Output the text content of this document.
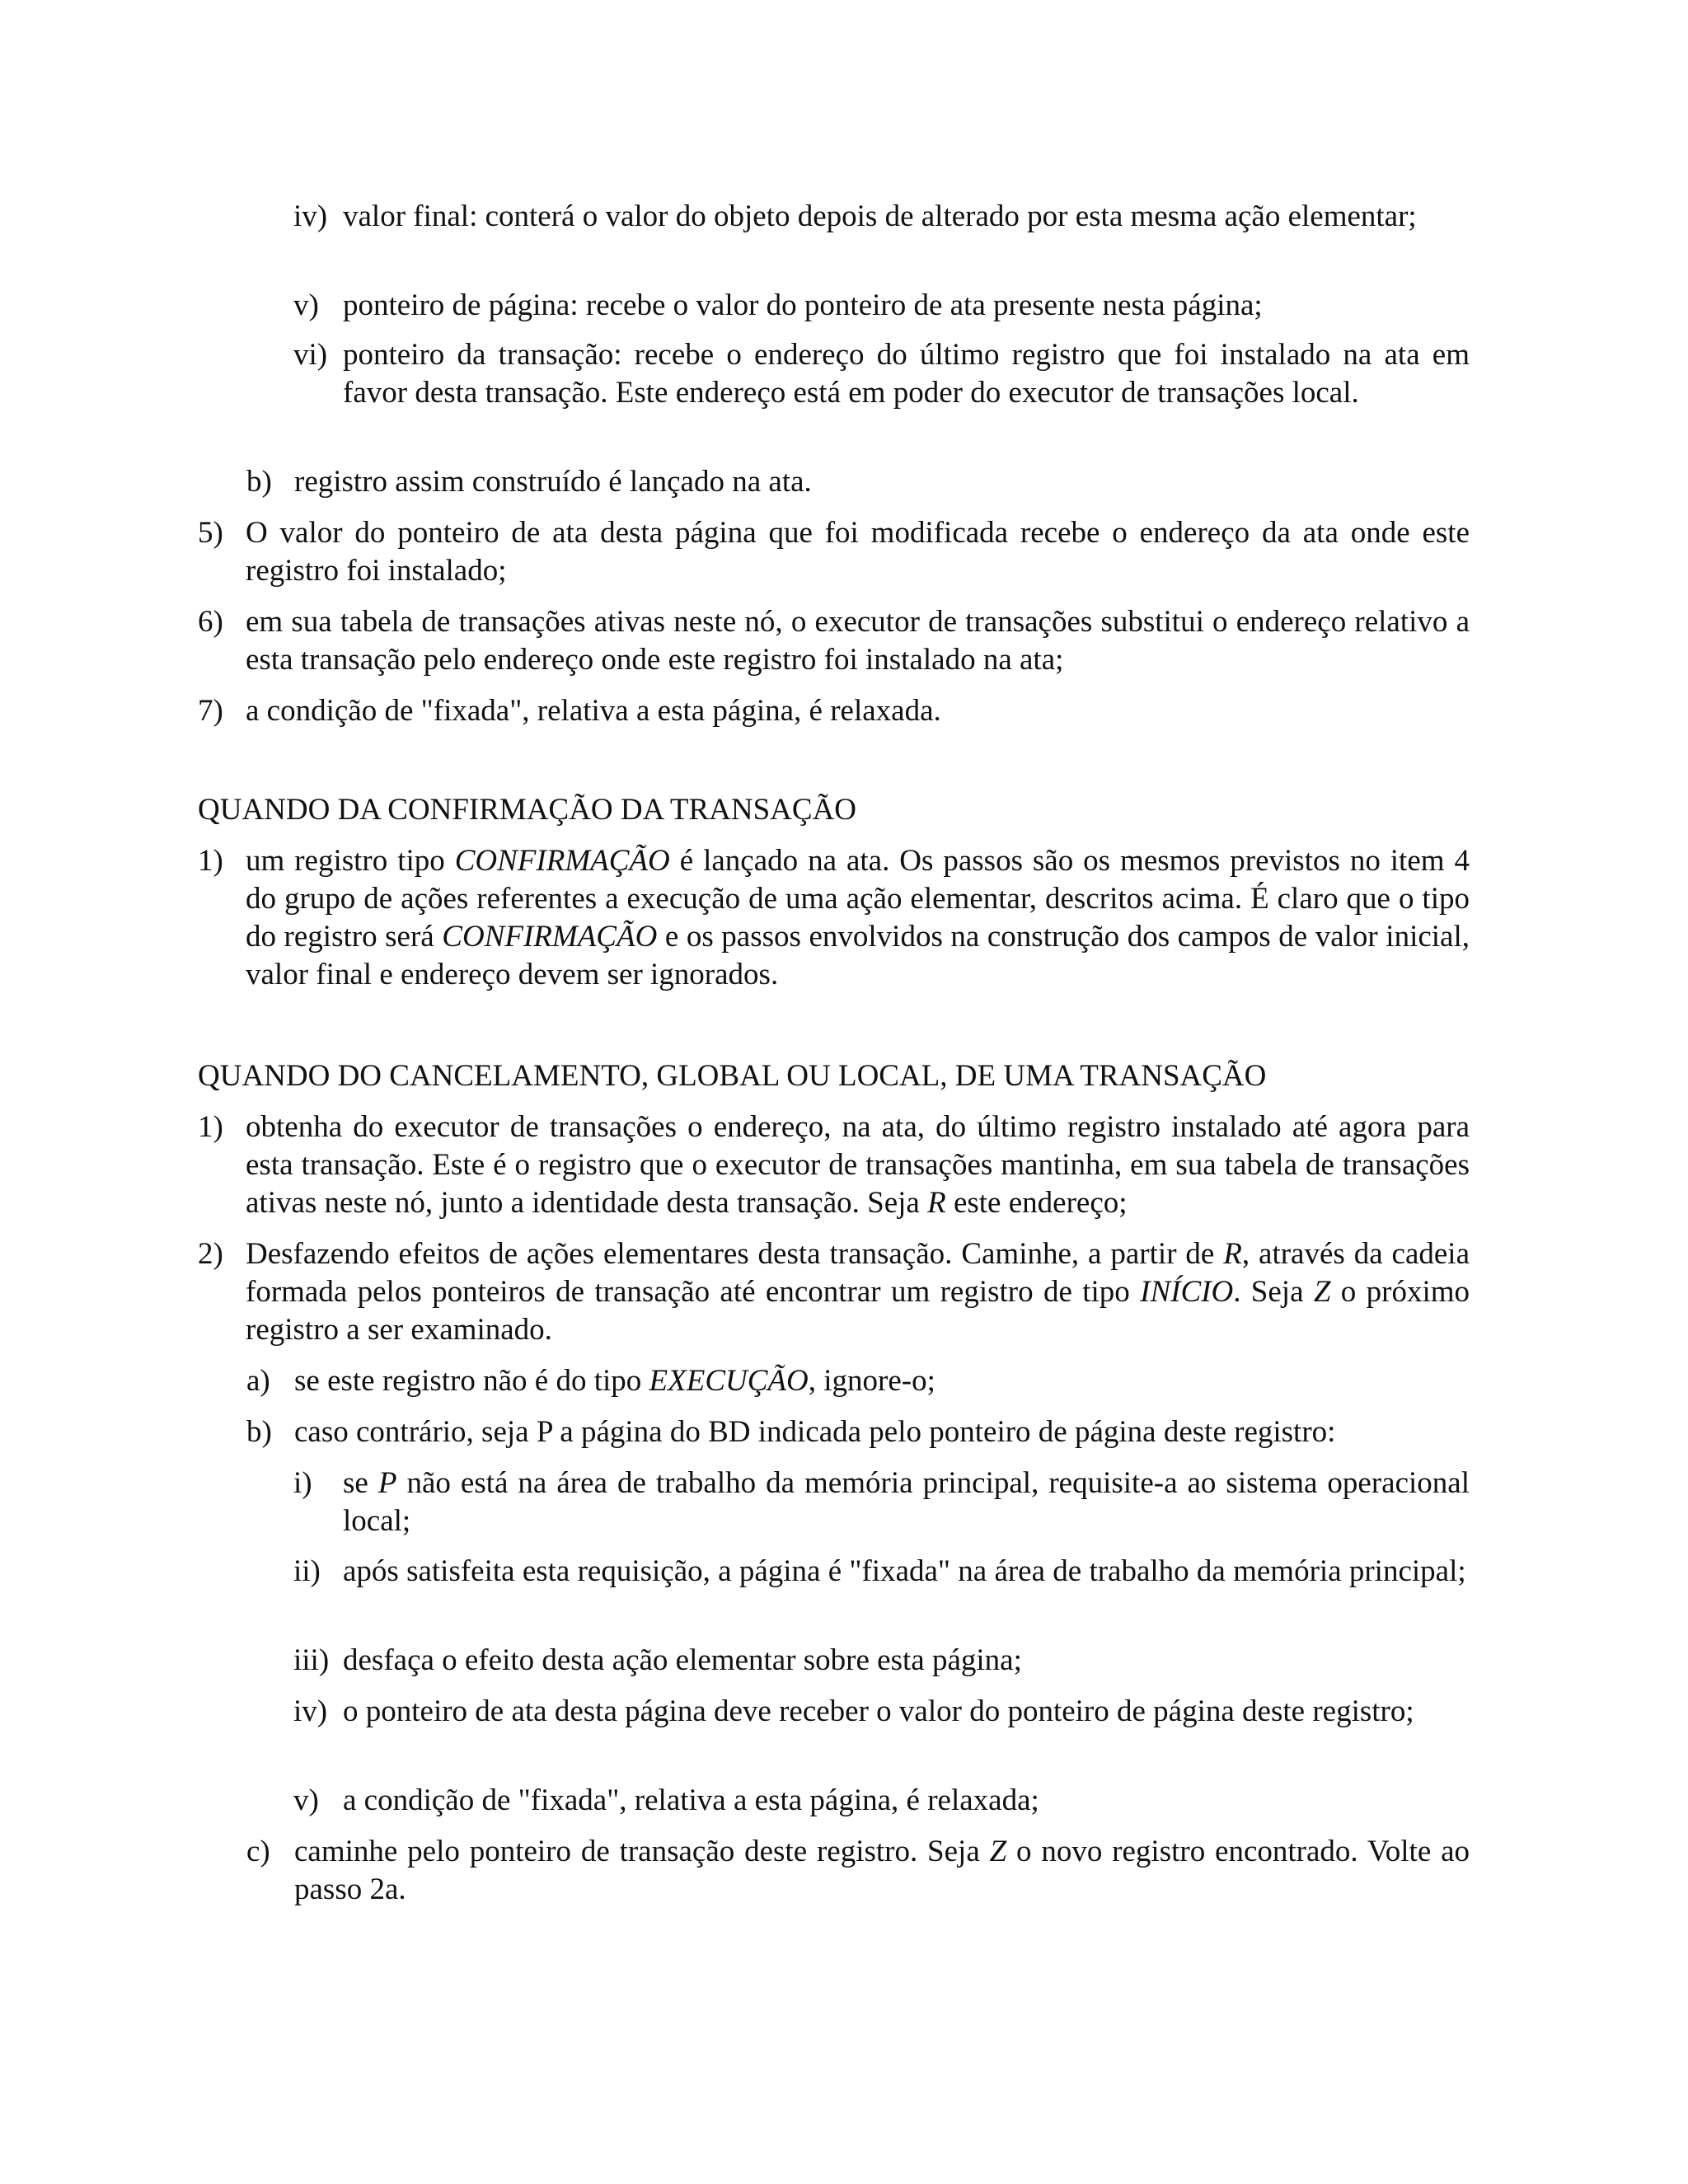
iv) valor final: conterá o valor do objeto depois de alterado por esta mesma ação elementar;
v) ponteiro de página: recebe o valor do ponteiro de ata presente nesta página;
vi) ponteiro da transação: recebe o endereço do último registro que foi instalado na ata em favor desta transação. Este endereço está em poder do executor de transações local.
b) registro assim construído é lançado na ata.
5) O valor do ponteiro de ata desta página que foi modificada recebe o endereço da ata onde este registro foi instalado;
6) em sua tabela de transações ativas neste nó, o executor de transações substitui o endereço relativo a esta transação pelo endereço onde este registro foi instalado na ata;
7) a condição de "fixada", relativa a esta página, é relaxada.
QUANDO DA CONFIRMAÇÃO DA TRANSAÇÃO
1) um registro tipo CONFIRMAÇÃO é lançado na ata. Os passos são os mesmos previstos no item 4 do grupo de ações referentes a execução de uma ação elementar, descritos acima. É claro que o tipo do registro será CONFIRMAÇÃO e os passos envolvidos na construção dos campos de valor inicial, valor final e endereço devem ser ignorados.
QUANDO DO CANCELAMENTO, GLOBAL OU LOCAL, DE UMA TRANSAÇÃO
1) obtenha do executor de transações o endereço, na ata, do último registro instalado até agora para esta transação. Este é o registro que o executor de transações mantinha, em sua tabela de transações ativas neste nó, junto a identidade desta transação. Seja R este endereço;
2) Desfazendo efeitos de ações elementares desta transação. Caminhe, a partir de R, através da cadeia formada pelos ponteiros de transação até encontrar um registro de tipo INÍCIO. Seja Z o próximo registro a ser examinado.
a) se este registro não é do tipo EXECUÇÃO, ignore-o;
b) caso contrário, seja P a página do BD indicada pelo ponteiro de página deste registro:
i) se P não está na área de trabalho da memória principal, requisite-a ao sistema operacional local;
ii) após satisfeita esta requisição, a página é "fixada" na área de trabalho da memória principal;
iii) desfaça o efeito desta ação elementar sobre esta página;
iv) o ponteiro de ata desta página deve receber o valor do ponteiro de página deste registro;
v) a condição de "fixada", relativa a esta página, é relaxada;
c) caminhe pelo ponteiro de transação deste registro. Seja Z o novo registro encontrado. Volte ao passo 2a.
